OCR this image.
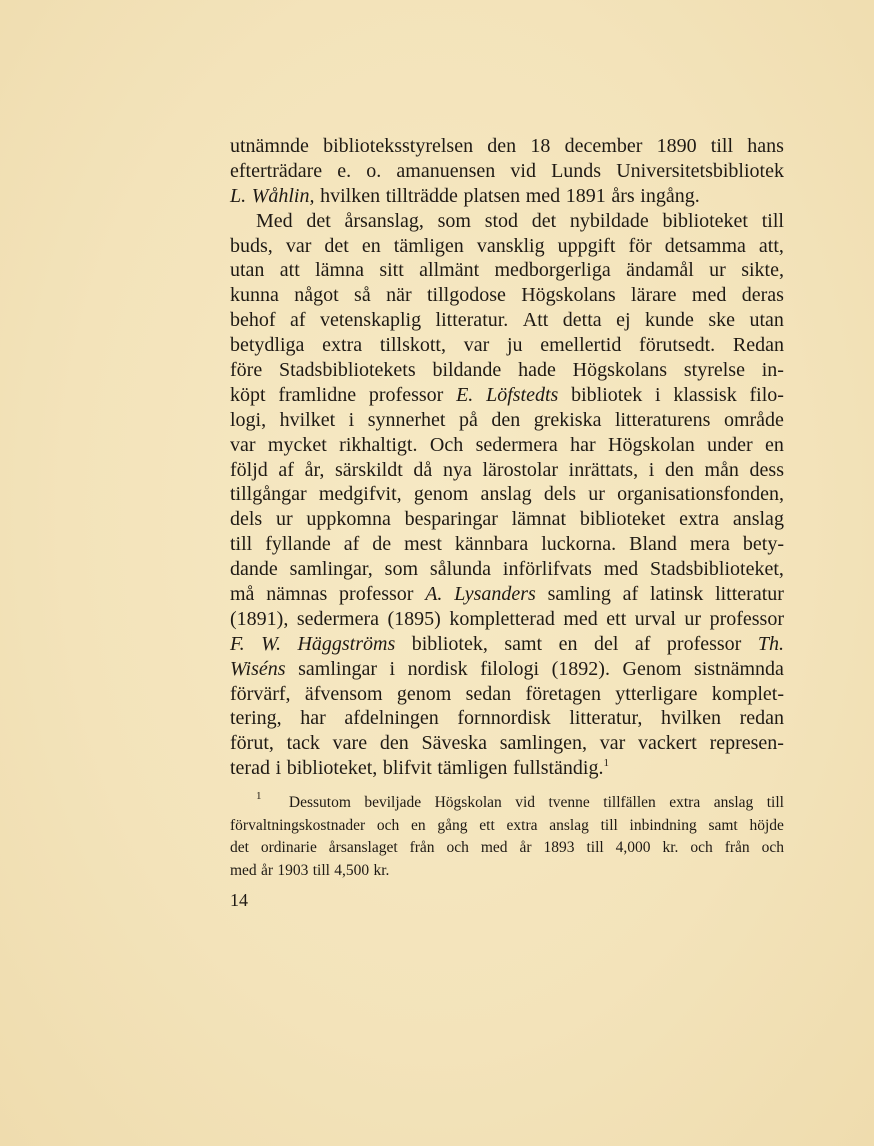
utnämnde biblioteksstyrelsen den 18 december 1890 till hans
efterträdare e. o. amanuensen vid Lunds Universitetsbibliotek
L. Wåhlin, hvilken tillträdde platsen med 1891 års ingång.
Med det årsanslag, som stod det nybildade biblioteket till
buds, var det en tämligen vansklig uppgift för detsamma att,
utan att lämna sitt allmänt medborgerliga ändamål ur sikte,
kunna något så när tillgodose Högskolans lärare med deras
behof af vetenskaplig litteratur. Att detta ej kunde ske utan
betydliga extra tillskott, var ju emellertid förutsedt. Redan
före Stadsbibliotekets bildande hade Högskolans styrelse in-
köpt framlidne professor E. Löfstedts bibliotek i klassisk filo-
logi, hvilket i synnerhet på den grekiska litteraturens område
var mycket rikhaltigt. Och sedermera har Högskolan under en
följd af år, särskildt då nya lärostolar inrättats, i den mån dess
tillgångar medgifvit, genom anslag dels ur organisationsfonden,
dels ur uppkomna besparingar lämnat biblioteket extra anslag
till fyllande af de mest kännbara luckorna. Bland mera bety-
dande samlingar, som sålunda införlifvats med Stadsbiblioteket,
må nämnas professor A. Lysanders samling af latinsk litteratur
(1891), sedermera (1895) kompletterad med ett urval ur professor
F. W. Häggströms bibliotek, samt en del af professor Th.
Wiséns samlingar i nordisk filologi (1892). Genom sistnämnda
förvärf, äfvensom genom sedan företagen ytterligare komplet-
tering, har afdelningen fornnordisk litteratur, hvilken redan
förut, tack vare den Säveska samlingen, var vackert represen-
terad i biblioteket, blifvit tämligen fullständig.$^1$
$^1$ Dessutom beviljade Högskolan vid tvenne tillfällen extra anslag till
förvaltningskostnader och en gång ett extra anslag till inbindning samt höjde
det ordinarie årsanslaget från och med år 1893 till 4,000 kr. och från och
med år 1903 till 4,500 kr.
14
